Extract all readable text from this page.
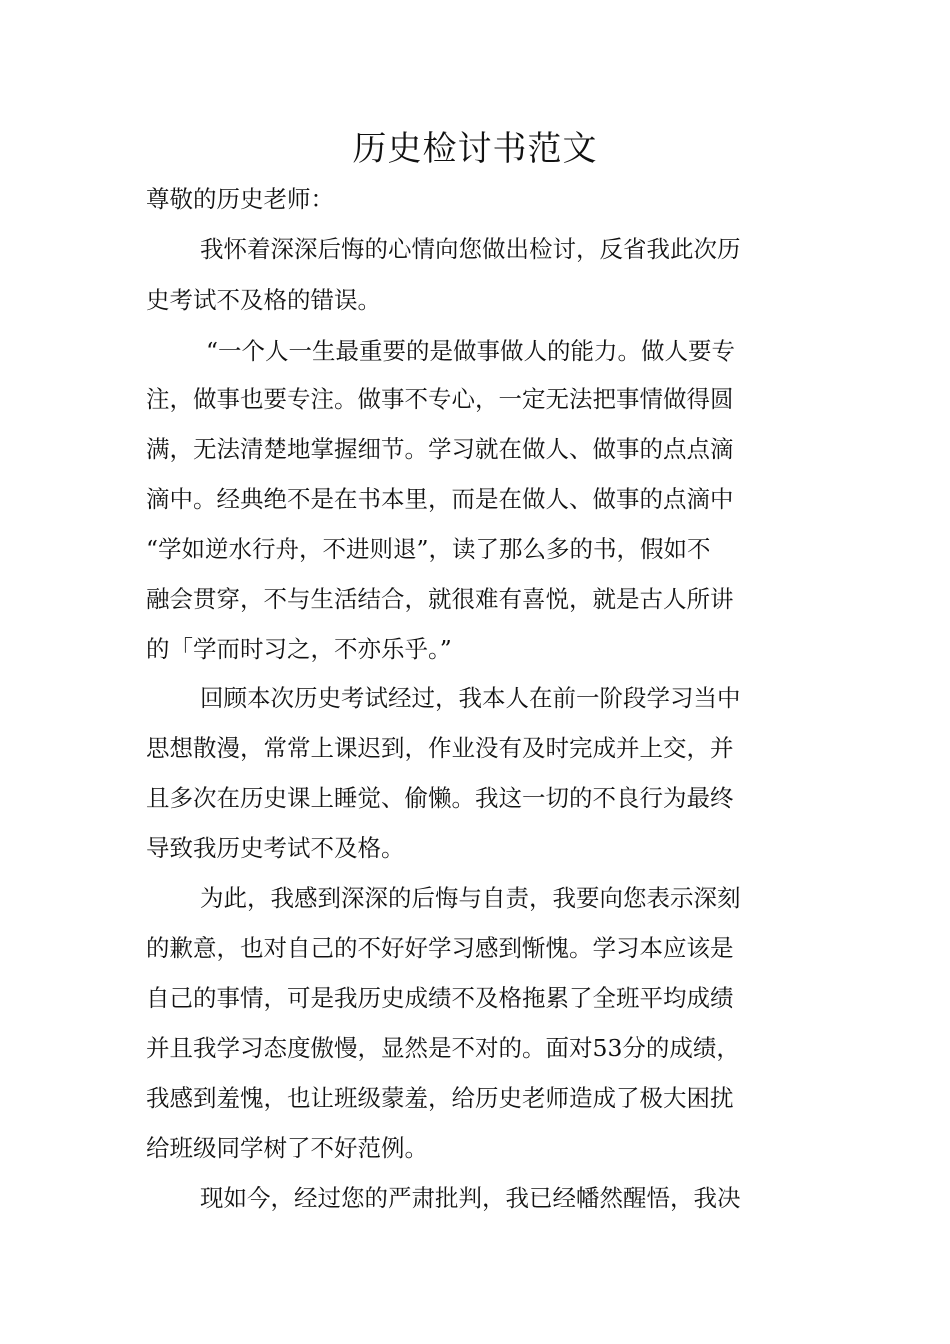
历史检讨书范文
尊敬的历史老师：
我怀着深深后悔的心情向您做出检讨，反省我此次历
史考试不及格的错误。
“一个人一生最重要的是做事做人的能力。做人要专
注，做事也要专注。做事不专心，一定无法把事情做得圆
满，无法清楚地掌握细节。学习就在做人、做事的点点滴
滴中。经典绝不是在书本里，而是在做人、做事的点滴中
“学如逆水行舟，不进则退”，读了那么多的书，假如不
融会贯穿，不与生活结合，就很难有喜悦，就是古人所讲
的「学而时习之，不亦乐乎。”
回顾本次历史考试经过，我本人在前一阶段学习当中
思想散漫，常常上课迟到，作业没有及时完成并上交，并
且多次在历史课上睡觉、偷懒。我这一切的不良行为最终
导致我历史考试不及格。
为此，我感到深深的后悔与自责，我要向您表示深刻
的歉意，也对自己的不好好学习感到惭愧。学习本应该是
自己的事情，可是我历史成绩不及格拖累了全班平均成绩
并且我学习态度傲慢，显然是不对的。面对53分的成绩，
我感到羞愧，也让班级蒙羞，给历史老师造成了极大困扰
给班级同学树了不好范例。
现如今，经过您的严肃批判，我已经幡然醒悟，我决
